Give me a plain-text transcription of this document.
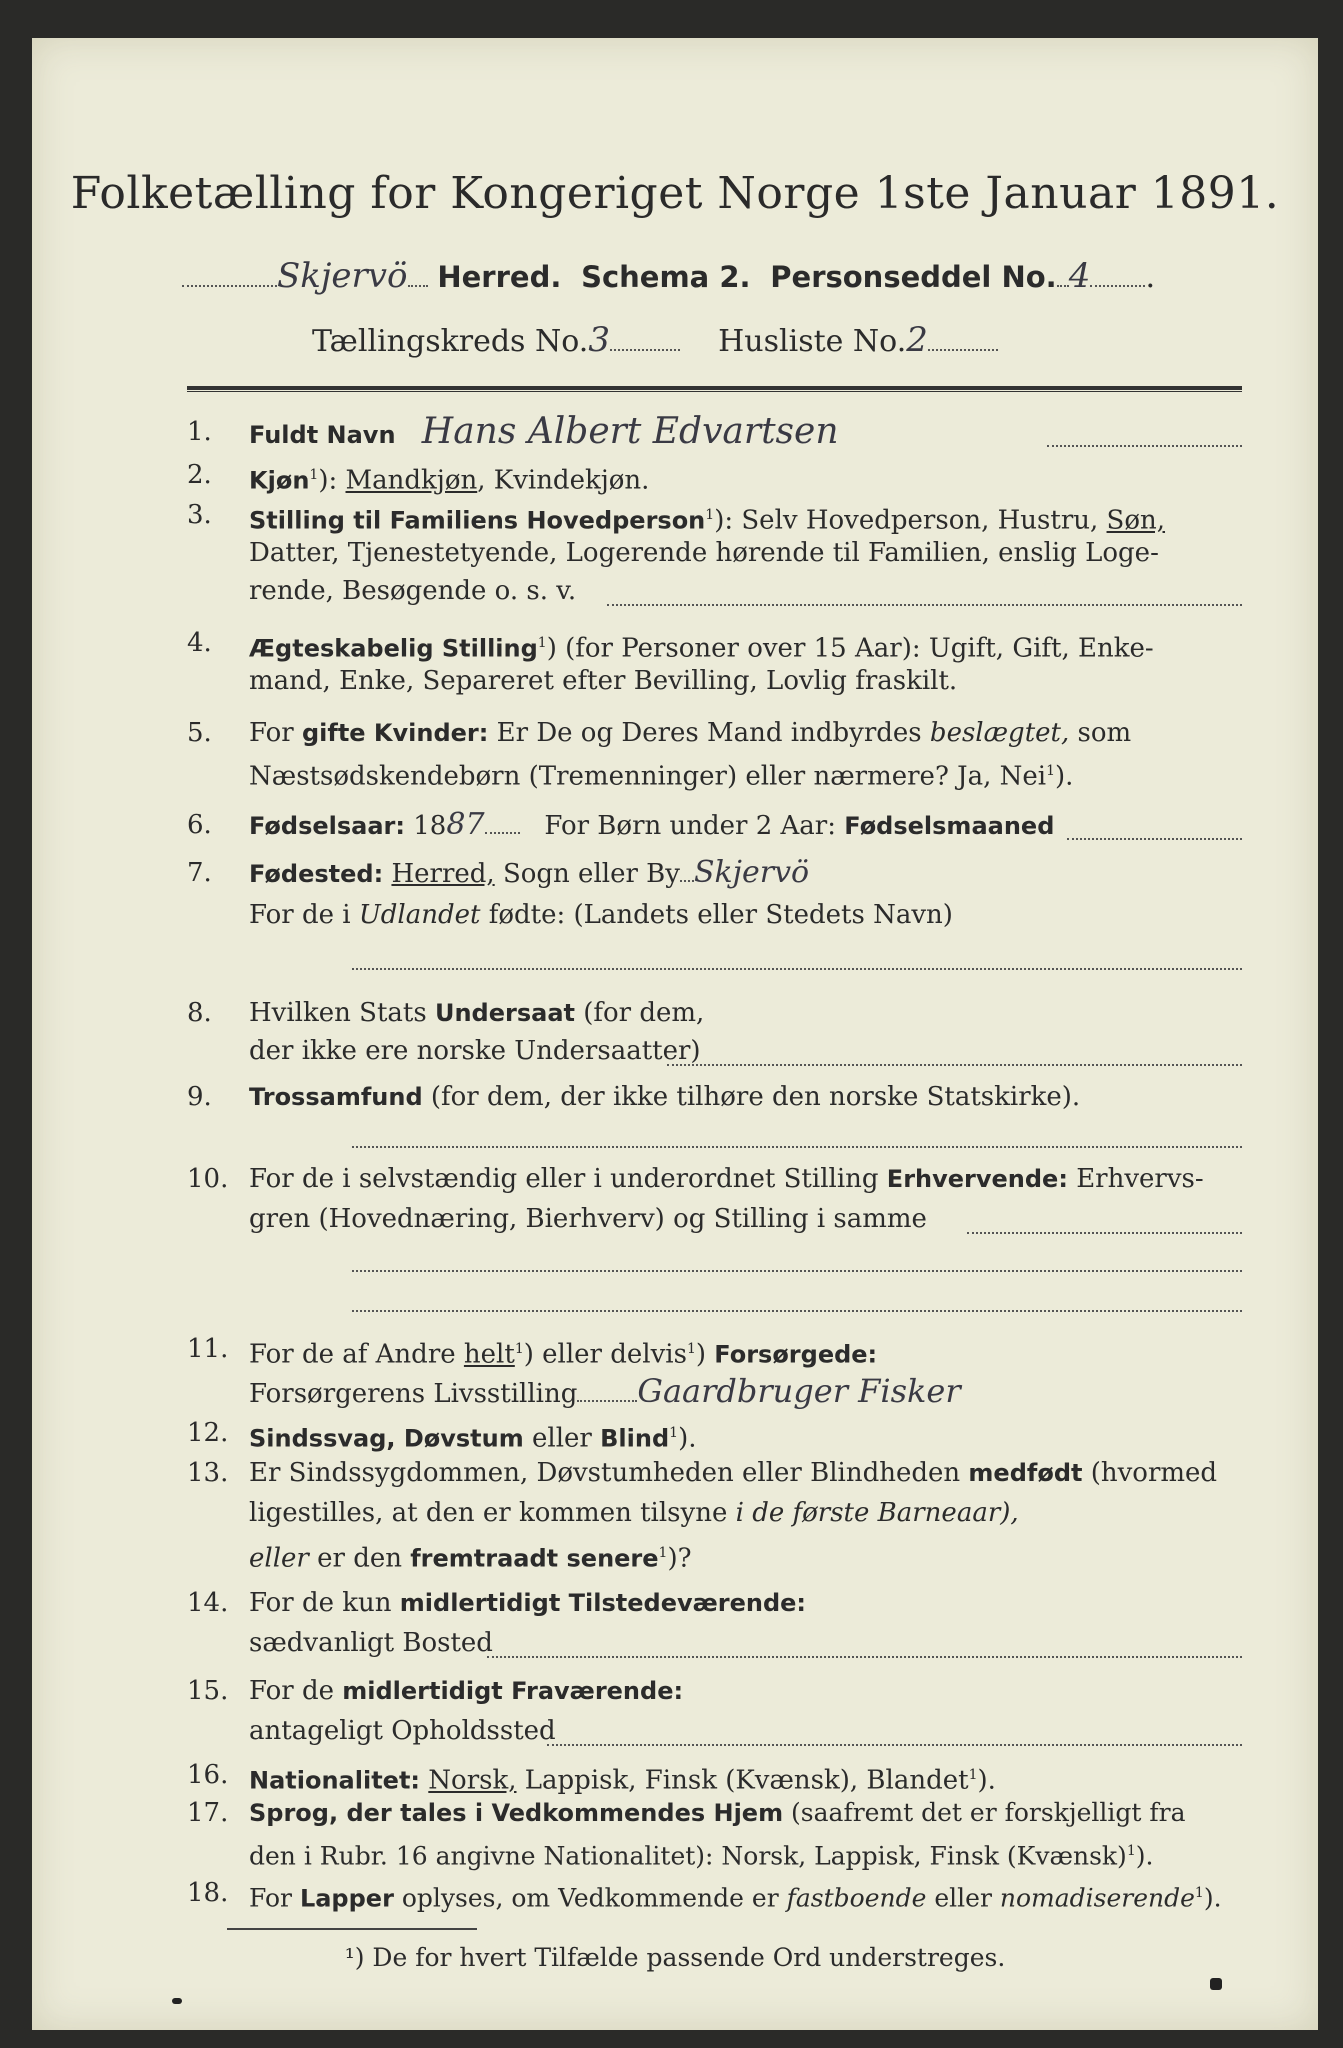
Folketælling for Kongeriget Norge 1ste Januar 1891.
Skjervö Herred. Schema 2. Personseddel No. 4 .
Tællingskreds No.3	Husliste No.2
1.	Fuldt Navn Hans Albert Edvartsen
2.	Kjøn$^1$): Mandkjøn, Kvindekjøn.
3.	Stilling til Familiens Hovedperson$^1$): Selv Hovedperson, Hustru, Søn,
Datter, Tjenestetyende, Logerende hørende til Familien, enslig Loge-
rende, Besøgende o. s. v.
4.	Ægteskabelig Stilling$^1$) (for Personer over 15 Aar): Ugift, Gift, Enke-
mand, Enke, Separeret efter Bevilling, Lovlig fraskilt.
5.	For gifte Kvinder: Er De og Deres Mand indbyrdes beslægtet, som
Næstsødskendebørn (Tremenninger) eller nærmere? Ja, Nei$^1$).
6.	Fødselsaar: 1887 For Børn under 2 Aar: Fødselsmaaned
7.	Fødested: Herred, Sogn eller By Skjervö
For de i Udlandet fødte: (Landets eller Stedets Navn)
8.	Hvilken Stats Undersaat (for dem,
der ikke ere norske Undersaatter)
9.	Trossamfund (for dem, der ikke tilhøre den norske Statskirke).
10. For de i selvstændig eller i underordnet Stilling Erhvervende: Erhvervs-
gren (Hovednæring, Bierhverv) og Stilling i samme
11. For de af Andre helt$^1$) eller delvis$^1$) Forsørgede:
Forsørgerens Livsstilling Gaardbruger Fisker
12. Sindssvag, Døvstum eller Blind$^1$).
13. Er Sindssygdommen, Døvstumheden eller Blindheden medfødt (hvormed
ligestilles, at den er kommen tilsyne i de første Barneaar),
eller er den fremtraadt senere$^1$)?
14. For de kun midlertidigt Tilstedeværende:
sædvanligt Bosted
15. For de midlertidigt Fraværende:
antageligt Opholdssted
16. Nationalitet: Norsk, Lappisk, Finsk (Kvænsk), Blandet$^1$).
17. Sprog, der tales i Vedkommendes Hjem (saafremt det er forskjelligt fra
den i Rubr. 16 angivne Nationalitet): Norsk, Lappisk, Finsk (Kvænsk)$^1$).
18. For Lapper oplyses, om Vedkommende er fastboende eller nomadiserende$^1$).
¹) De for hvert Tilfælde passende Ord understreges.
